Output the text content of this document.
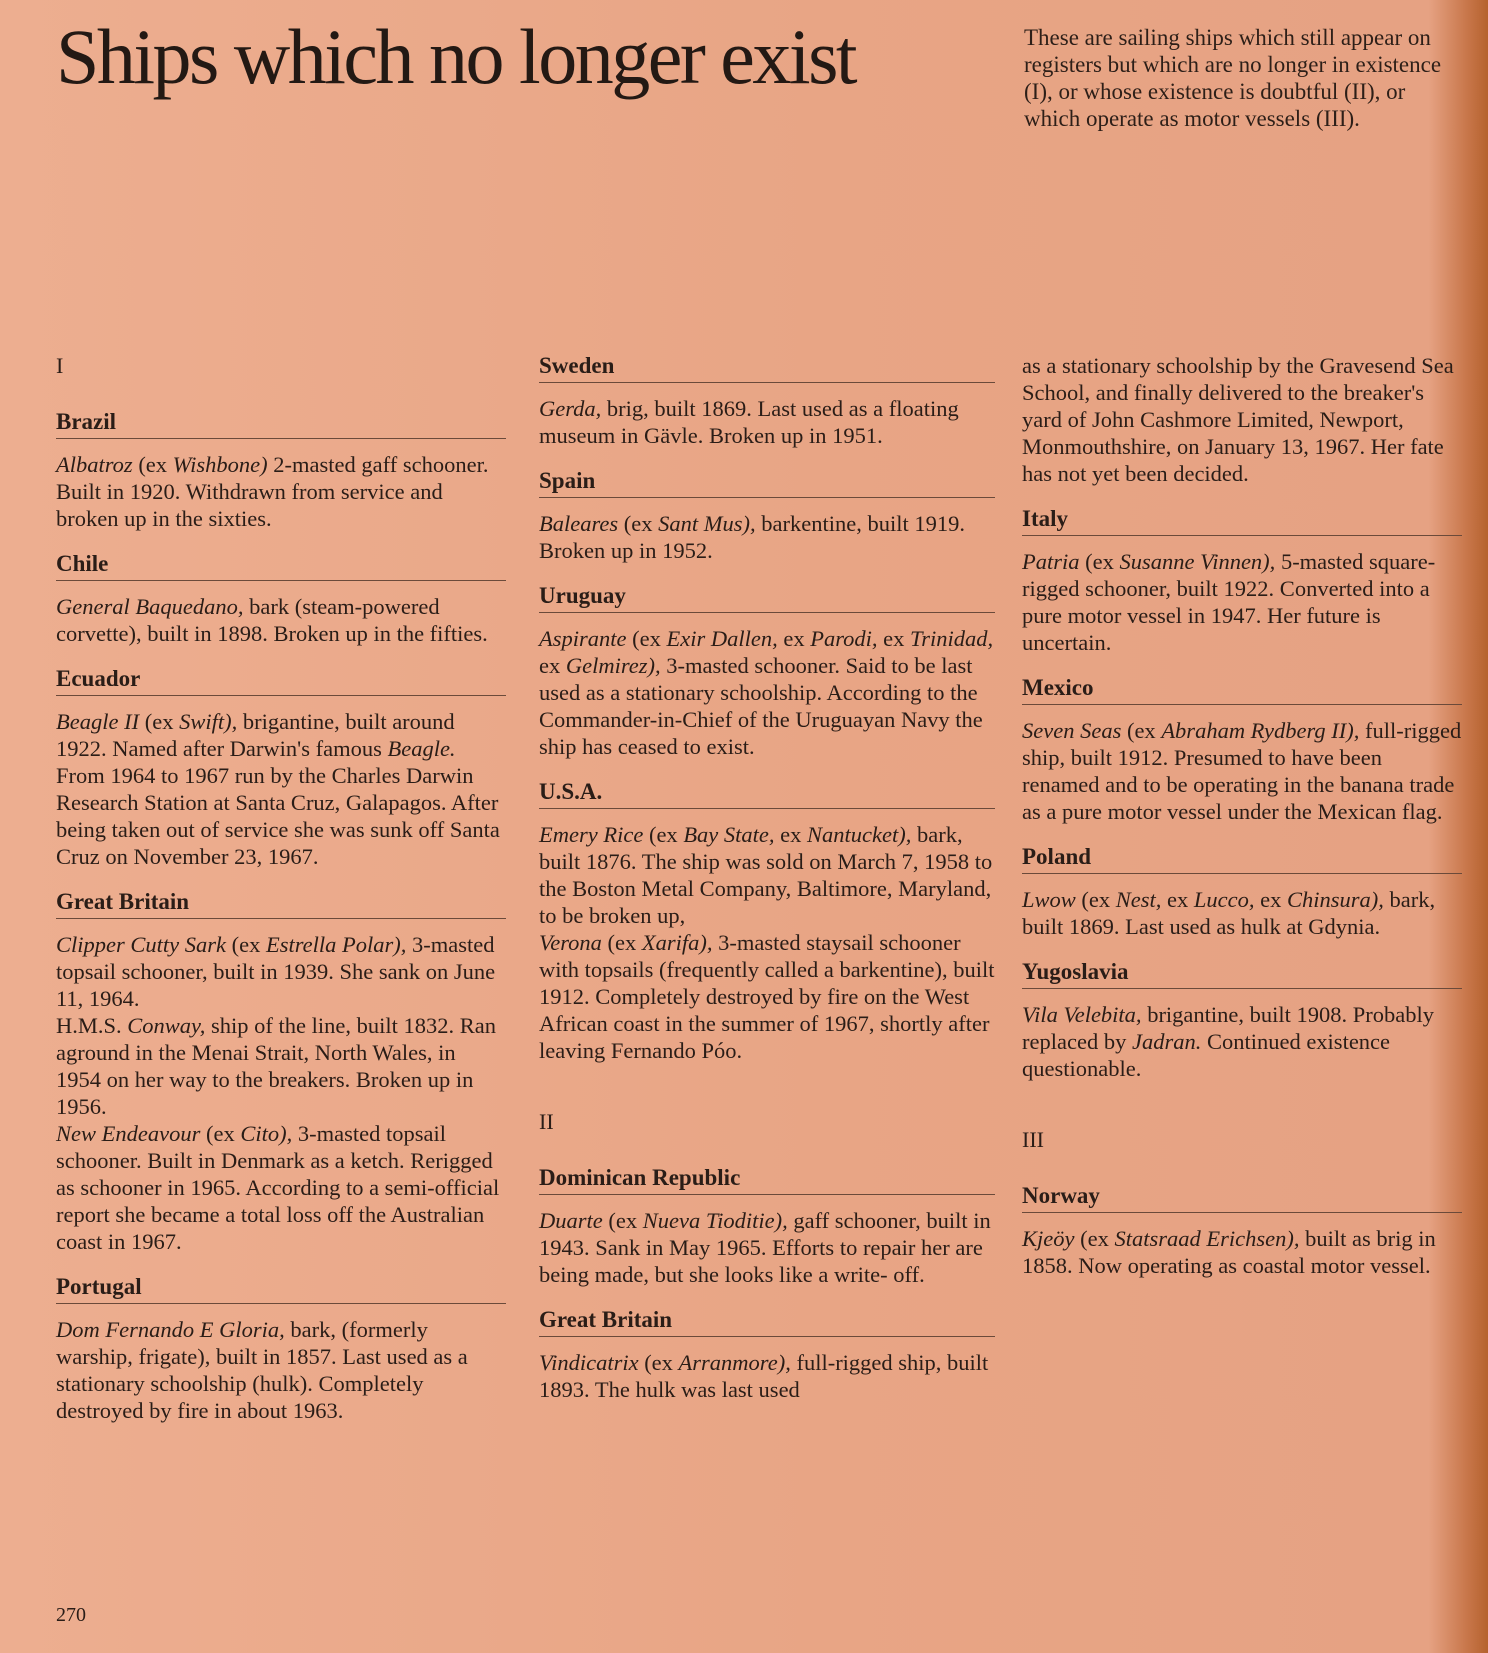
Ships which no longer exist	These are sailing ships which still appear on registers but which are no longer in existence (I), or whose existence is doubtful (II), or which operate as motor vessels (III).

I
Brazil

Albatroz (ex Wishbone) 2-masted gaff schooner. Built in 1920. Withdrawn from service and broken up in the sixties.

Chile

General Baquedano, bark (steam-powered corvette), built in 1898. Broken up in the fifties.

Ecuador

Beagle II (ex Swift), brigantine, built around 1922. Named after Darwin's famous Beagle. From 1964 to 1967 run by the Charles Darwin Research Station at Santa Cruz, Galapagos. After being taken out of service she was sunk off Santa Cruz on November 23, 1967.

Great Britain

Clipper Cutty Sark (ex Estrella Polar), 3-masted topsail schooner, built in 1939. She sank on June 11, 1964.

H.M.S. Conway, ship of the line, built 1832. Ran aground in the Menai Strait, North Wales, in 1954 on her way to the breakers. Broken up in 1956.

New Endeavour (ex Cito), 3-masted topsail schooner. Built in Denmark as a ketch. Rerigged as schooner in 1965. According to a semi-official report she became a total loss off the Australian coast in 1967.

Portugal

Dom Fernando E Gloria, bark, (formerly warship, frigate), built in 1857. Last used as a stationary schoolship (hulk). Completely destroyed by fire in about 1963.

Sweden

Gerda, brig, built 1869. Last used as a floating museum in Gävle. Broken up in 1951.

Spain

Baleares (ex Sant Mus), barkentine, built 1919. Broken up in 1952.

Uruguay

Aspirante (ex Exir Dallen, ex Parodi, ex Trinidad, ex Gelmirez), 3-masted schooner. Said to be last used as a stationary schoolship. According to the Commander-in-Chief of the Uruguayan Navy the ship has ceased to exist.

U.S.A.

Emery Rice (ex Bay State, ex Nantucket), bark, built 1876. The ship was sold on March 7, 1958 to the Boston Metal Company, Baltimore, Maryland, to be broken up,

Verona (ex Xarifa), 3-masted staysail schooner with topsails (frequently called a barkentine), built 1912. Completely destroyed by fire on the West African coast in the summer of 1967, shortly after leaving Fernando Póo.

II
Dominican Republic

Duarte (ex Nueva Tioditie), gaff schooner, built in 1943. Sank in May 1965. Efforts to repair her are being made, but she looks like a write- off.

Great Britain

Vindicatrix (ex Arranmore), full-rigged ship, built 1893. The hulk was last used

as a stationary schoolship by the Gravesend Sea School, and finally delivered to the breaker's yard of John Cashmore Limited, Newport, Monmouthshire, on January 13, 1967. Her fate has not yet been decided.

Italy

Patria (ex Susanne Vinnen), 5-masted square-rigged schooner, built 1922. Converted into a pure motor vessel in 1947. Her future is uncertain.

Mexico

Seven Seas (ex Abraham Rydberg II), full-rigged ship, built 1912. Presumed to have been renamed and to be operating in the banana trade as a pure motor vessel under the Mexican flag.

Poland

Lwow (ex Nest, ex Lucco, ex Chinsura), bark, built 1869. Last used as hulk at Gdynia.

Yugoslavia

Vila Velebita, brigantine, built 1908. Probably replaced by Jadran. Continued existence questionable.

III
Norway

Kjeöy (ex Statsraad Erichsen), built as brig in 1858. Now operating as coastal motor vessel.

270
